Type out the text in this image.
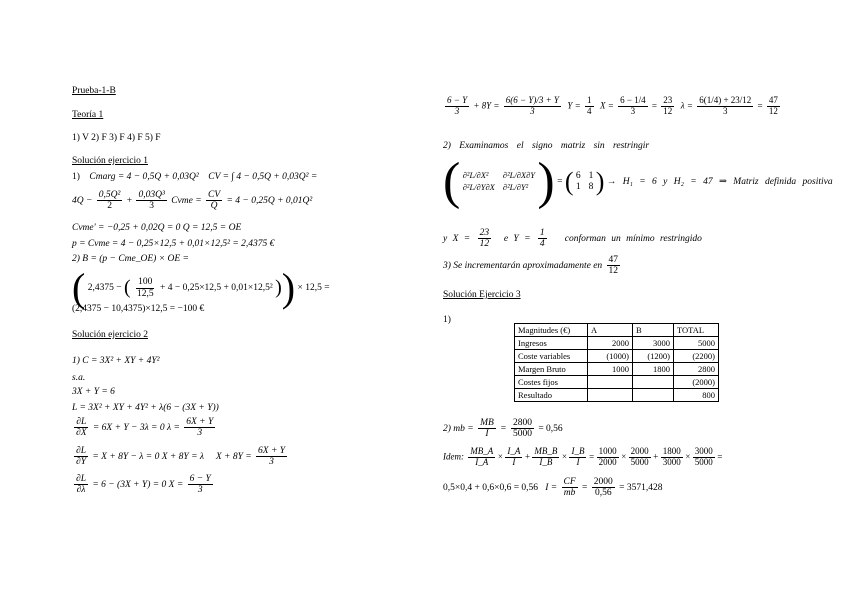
Prueba-1-B
Teoría 1
1) V 2) F 3) F 4) F 5) F
Solución ejercicio 1
1) Cmarg = 4 − 0,5Q + 0,03Q² CV = ∫ 4 − 0,5Q + 0,03Q² =
$4Q - \frac{\text{0,5Q²}}{2} + \frac{\text{0,03Q³}}{3}$ Cvme = $\frac{CV}{Q} = 4 - 0,25Q + 0,01Q^2$
Cvme' = −0,25 + 0,02Q = 0 Q = 12,5 = OE
p = Cvme = 4 − 0,25×12,5 + 0,01×12,5² = 2,4375 €
2) B = (p − Cme_OE) × OE =
( 2,4375 − ( $\frac{100}{12,5} + 4 - 0,25\times 12,5 + 0,01\times 12,5^2$ )) × 12,5 =
(2,4375 − 10,4375)×12,5 = −100 €
Solución ejercicio 2
1) C = 3X² + XY + 4Y²
s.a.
3X + Y = 6
L = 3X² + XY + 4Y² + λ(6 − (3X + Y))
$\frac{\partial L}{\partial X} = 6X + Y - 3\lambda = 0$ $\lambda = \frac{6X + Y}{3}$
$\frac{\partial L}{\partial Y} = X + 8Y - \lambda = 0$ X + 8Y = λ $X + 8Y = \frac{6X + Y}{3}$
$\frac{\partial L}{\partial\lambda} = 6 - (3X + Y) = 0$ $X = \frac{6 - Y}{3}$
$\frac{6 - Y}{3} + 8Y = \frac{6(6 - Y)/3 + Y}{3}$ $Y = \frac{1}{4}$ $X = \frac{6 - 1/4}{3} = \frac{23}{12}$ $\lambda = \frac{6(1/4) + 23/12}{3} = \frac{47}{12}$
2) Examinamos el signo matriz sin restringir
( ∂²L/∂X²	∂²L/∂X∂Y
∂²L/∂Y∂X ∂²L/∂Y² ) = ( 6 1
1 8 ) → H₁ = 6 y H₂ = 47 ⇒ Matriz definida positiva
y $X = \frac{23}{12}$ e $Y = \frac{1}{4}$ conforman un mínimo restringido
3) Se incrementarán aproximadamente en $\frac{47}{12}$
Solución Ejercicio 3
1)
Magnitudes (€)	A	B	TOTAL
Ingresos	2000	3000	5000
Coste variables	(1000)	(1200)	(2200)
Margen Bruto	1000	1800	2800
Costes fijos			(2000)
Resultado			800
2) mb = $\frac{MB}{I} = \frac{2800}{5000} = 0,56$
Idem: $\frac{MB\_A}{I\_A} \times \frac{I\_A}{I} + \frac{MB\_B}{I\_B} \times \frac{I\_B}{I} = \frac{1000}{2000} \times \frac{2000}{5000} + \frac{1800}{3000} \times \frac{3000}{5000}$ =
0,5×0,4 + 0,6×0,6 = 0,56 $I = \frac{CF}{mb} = \frac{2000}{0,56} = 3571,428$
